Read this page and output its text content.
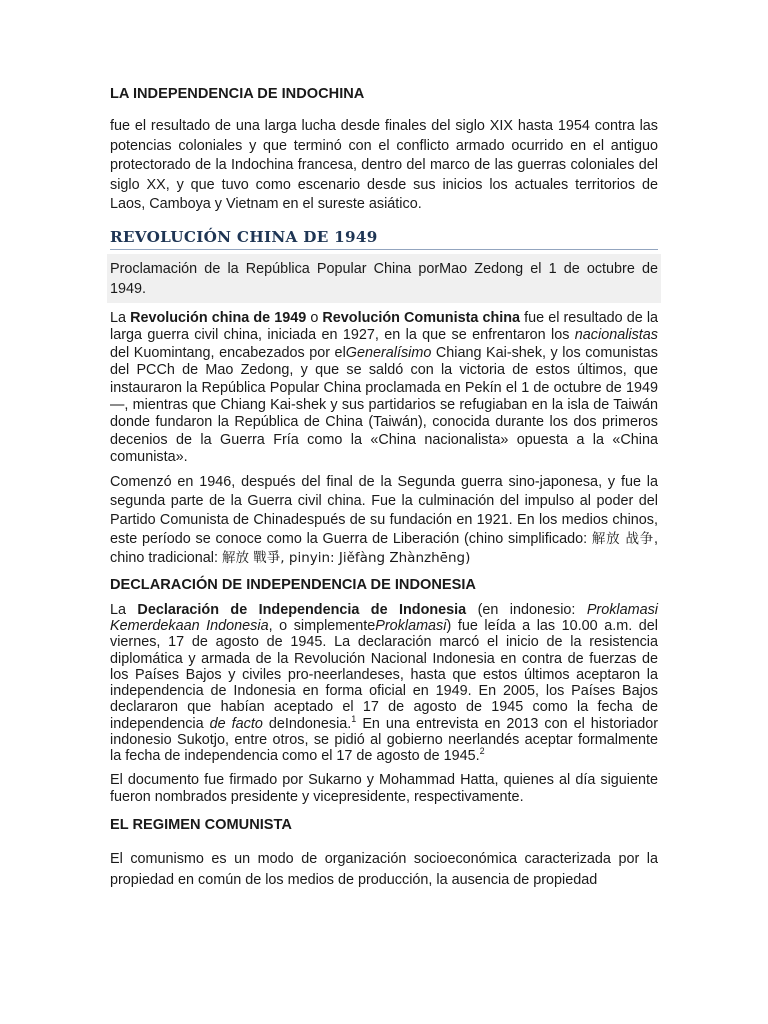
LA INDEPENDENCIA DE INDOCHINA

fue el resultado de una larga lucha desde finales del siglo XIX hasta 1954 contra las potencias coloniales y que terminó con el conflicto armado ocurrido en el antiguo protectorado de la Indochina francesa, dentro del marco de las guerras coloniales del siglo XX, y que tuvo como escenario desde sus inicios los actuales territorios de Laos, Camboya y Vietnam en el sureste asiático.

REVOLUCIÓN CHINA DE 1949

Proclamación de la República Popular China porMao Zedong el 1 de octubre de 1949.

La Revolución china de 1949 o Revolución Comunista china fue el resultado de la larga guerra civil china, iniciada en 1927, en la que se enfrentaron los nacionalistas del Kuomintang, encabezados por elGeneralísimo Chiang Kai-shek, y los comunistas del PCCh de Mao Zedong, y que se saldó con la victoria de estos últimos, que instauraron la República Popular China proclamada en Pekín el 1 de octubre de 1949—, mientras que Chiang Kai-shek y sus partidarios se refugiaban en la isla de Taiwán donde fundaron la República de China (Taiwán), conocida durante los dos primeros decenios de la Guerra Fría como la «China nacionalista» opuesta a la «China comunista».

Comenzó en 1946, después del final de la Segunda guerra sino-japonesa, y fue la segunda parte de la Guerra civil china. Fue la culminación del impulso al poder del Partido Comunista de Chinadespués de su fundación en 1921. En los medios chinos, este período se conoce como la Guerra de Liberación (chino simplificado: 解放 战争, chino tradicional: 解放 戰爭, pinyin: Jiěfàng Zhànzhēng)

DECLARACIÓN DE INDEPENDENCIA DE INDONESIA

La Declaración de Independencia de Indonesia (en indonesio: Proklamasi Kemerdekaan Indonesia, o simplementeProklamasi) fue leída a las 10.00 a.m. del viernes, 17 de agosto de 1945. La declaración marcó el inicio de la resistencia diplomática y armada de la Revolución Nacional Indonesia en contra de fuerzas de los Países Bajos y civiles pro-neerlandeses, hasta que estos últimos aceptaron la independencia de Indonesia en forma oficial en 1949. En 2005, los Países Bajos declararon que habían aceptado el 17 de agosto de 1945 como la fecha de independencia de facto deIndonesia.$^1$ En una entrevista en 2013 con el historiador indonesio Sukotjo, entre otros, se pidió al gobierno neerlandés aceptar formalmente la fecha de independencia como el 17 de agosto de 1945.$^2$

El documento fue firmado por Sukarno y Mohammad Hatta, quienes al día siguiente fueron nombrados presidente y vicepresidente, respectivamente.

EL REGIMEN COMUNISTA

El comunismo es un modo de organización socioeconómica caracterizada por la propiedad en común de los medios de producción, la ausencia de propiedad
